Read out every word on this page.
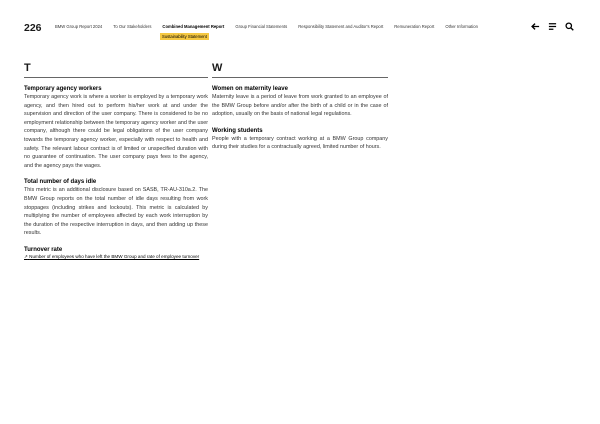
226	BMW Group Report 2024	To Our Stakeholders	Combined Management Report	Group Financial Statements	Responsibility Statement and Auditor's Report	Remuneration Report	Other Information
Sustainability Statement
T
Temporary agency workers

Temporary agency work is where a worker is employed by a temporary work agency, and then hired out to perform his/her work at and under the supervision and direction of the user company. There is considered to be no employment relationship between the temporary agency worker and the user company, although there could be legal obligations of the user company towards the temporary agency worker, especially with respect to health and safety. The relevant labour contract is of limited or unspecified duration with no guarantee of continuation. The user company pays fees to the agency, and the agency pays the wages.

Total number of days idle

This metric is an additional disclosure based on SASB, TR-AU-310a.2. The BMW Group reports on the total number of idle days resulting from work stoppages (including strikes and lockouts). This metric is calculated by multiplying the number of employees affected by each work interruption by the duration of the respective interruption in days, and then adding up these results.

Turnover rate

↗ Number of employees who have left the BMW Group and rate of employee turnover

W
Women on maternity leave

Maternity leave is a period of leave from work granted to an employee of the BMW Group before and/or after the birth of a child or in the case of adoption, usually on the basis of national legal regulations.

Working students

People with a temporary contract working at a BMW Group company during their studies for a contractually agreed, limited number of hours.
